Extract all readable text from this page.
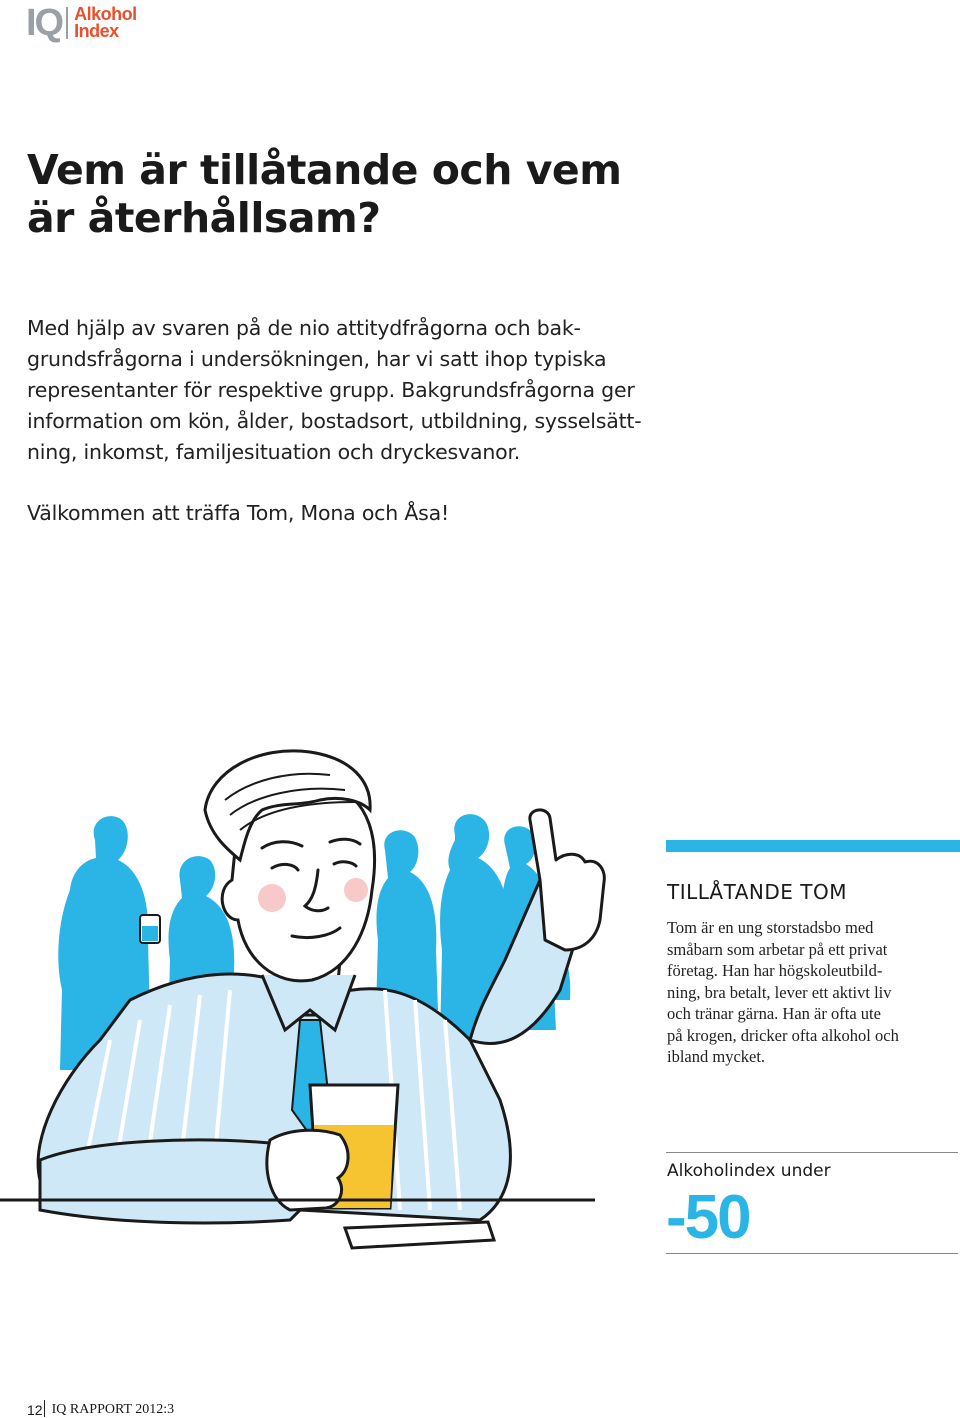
IQ Alkohol
Index
Vem är tillåtande och vem
är återhållsam?

Med hjälp av svaren på de nio attitydfrågorna och bak-
grundsfrågorna i undersökningen, har vi satt ihop typiska
representanter för respektive grupp. Bakgrundsfrågorna ger
information om kön, ålder, bostadsort, utbildning, sysselsätt-
ning, inkomst, familjesituation och dryckesvanor.

Välkommen att träffa Tom, Mona och Åsa!

TILLÅTANDE TOM

Tom är en ung storstadsbo med
småbarn som arbetar på ett privat
företag. Han har högskoleutbild-
ning, bra betalt, lever ett aktivt liv
och tränar gärna. Han är ofta ute
på krogen, dricker ofta alkohol och
ibland mycket.

Alkoholindex under

-50

12 IQ RAPPORT 2012:3
